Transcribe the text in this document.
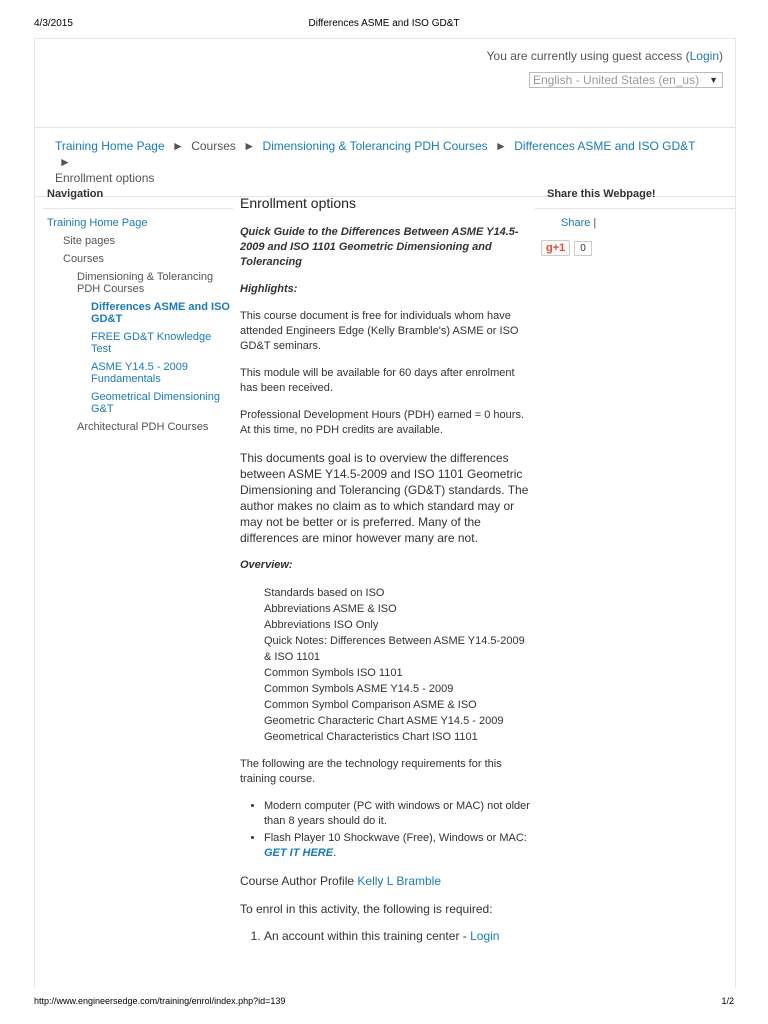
4/3/2015	Differences ASME and ISO GD&T
You are currently using guest access (Login)
English - United States (en_us) ▼
Training Home Page ► Courses ► Dimensioning & Tolerancing PDH Courses ► Differences ASME and ISO GD&T ►
Enrollment options
Navigation
Training Home Page
Site pages
Courses
Dimensioning & Tolerancing PDH Courses
Differences ASME and ISO GD&T
FREE GD&T Knowledge Test
ASME Y14.5 - 2009 Fundamentals
Geometrical Dimensioning G&T
Architectural PDH Courses
Enrollment options

Quick Guide to the Differences Between ASME Y14.5-2009 and ISO 1101 Geometric Dimensioning and Tolerancing

Highlights:

This course document is free for individuals whom have attended Engineers Edge (Kelly Bramble's) ASME or ISO GD&T seminars.

This module will be available for 60 days after enrolment has been received.

Professional Development Hours (PDH) earned = 0 hours. At this time, no PDH credits are available.

This documents goal is to overview the differences between ASME Y14.5-2009 and ISO 1101 Geometric Dimensioning and Tolerancing (GD&T) standards. The author makes no claim as to which standard may or may not be better or is preferred. Many of the differences are minor however many are not.

Overview:

Standards based on ISO
Abbreviations ASME & ISO
Abbreviations ISO Only
Quick Notes: Differences Between ASME Y14.5-2009 & ISO 1101
Common Symbols ISO 1101
Common Symbols ASME Y14.5 - 2009
Common Symbol Comparison ASME & ISO
Geometric Characteric Chart ASME Y14.5 - 2009
Geometrical Characteristics Chart ISO 1101

The following are the technology requirements for this training course.

• Modern computer (PC with windows or MAC) not older than 8 years should do it.
• Flash Player 10 Shockwave (Free), Windows or MAC: GET IT HERE.

Course Author Profile Kelly L Bramble

To enrol in this activity, the following is required:

1. An account within this training center - Login
Share this Webpage!
Share |
g+1	0
http://www.engineersedge.com/training/enrol/index.php?id=139	1/2
